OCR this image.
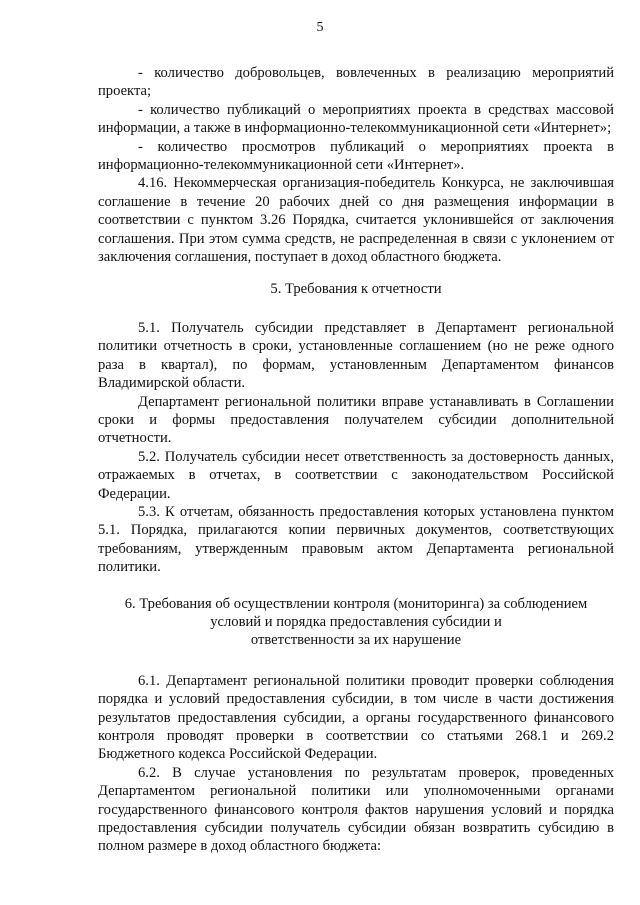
5

- количество добровольцев, вовлеченных в реализацию мероприятий проекта;

- количество публикаций о мероприятиях проекта в средствах массовой информации, а также в информационно-телекоммуникационной сети «Интернет»;

- количество просмотров публикаций о мероприятиях проекта в информационно-телекоммуникационной сети «Интернет».

4.16. Некоммерческая организация-победитель Конкурса, не заключившая соглашение в течение 20 рабочих дней со дня размещения информации в соответствии с пунктом 3.26 Порядка, считается уклонившейся от заключения соглашения. При этом сумма средств, не распределенная в связи с уклонением от заключения соглашения, поступает в доход областного бюджета.

5. Требования к отчетности

5.1. Получатель субсидии представляет в Департамент региональной политики отчетность в сроки, установленные соглашением (но не реже одного раза в квартал), по формам, установленным Департаментом финансов Владимирской области.

Департамент региональной политики вправе устанавливать в Соглашении сроки и формы предоставления получателем субсидии дополнительной отчетности.

5.2. Получатель субсидии несет ответственность за достоверность данных, отражаемых в отчетах, в соответствии с законодательством Российской Федерации.

5.3. К отчетам, обязанность предоставления которых установлена пунктом 5.1. Порядка, прилагаются копии первичных документов, соответствующих требованиям, утвержденным правовым актом Департамента региональной политики.

6. Требования об осуществлении контроля (мониторинга) за соблюдением
условий и порядка предоставления субсидии и
ответственности за их нарушение

6.1. Департамент региональной политики проводит проверки соблюдения порядка и условий предоставления субсидии, в том числе в части достижения результатов предоставления субсидии, а органы государственного финансового контроля проводят проверки в соответствии со статьями 268.1 и 269.2 Бюджетного кодекса Российской Федерации.

6.2. В случае установления по результатам проверок, проведенных Департаментом региональной политики или уполномоченными органами государственного финансового контроля фактов нарушения условий и порядка предоставления субсидии получатель субсидии обязан возвратить субсидию в полном размере в доход областного бюджета:
